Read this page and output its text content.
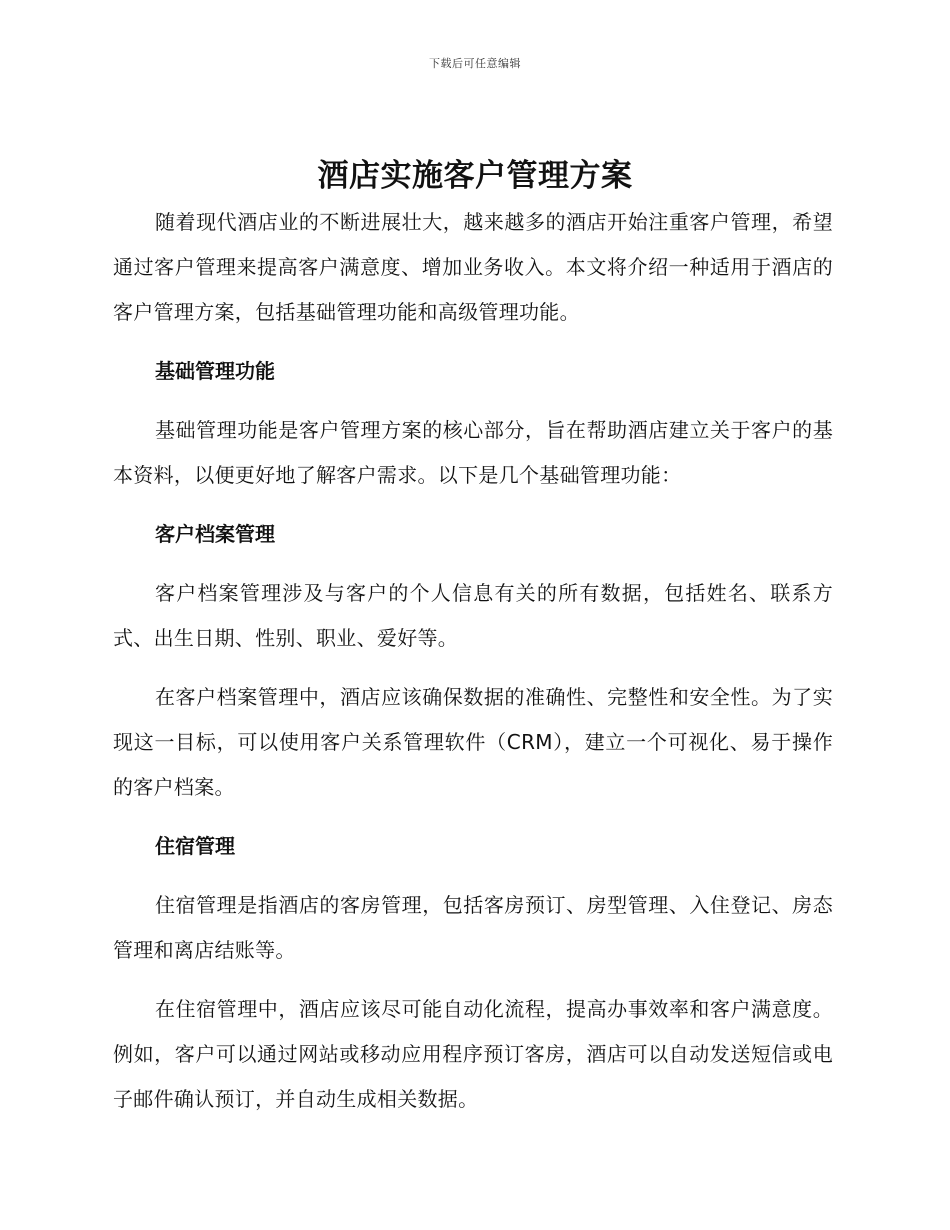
下载后可任意编辑
酒店实施客户管理方案

随着现代酒店业的不断进展壮大，越来越多的酒店开始注重客户管理，希望通过客户管理来提高客户满意度、增加业务收入。本文将介绍一种适用于酒店的客户管理方案，包括基础管理功能和高级管理功能。

基础管理功能

基础管理功能是客户管理方案的核心部分，旨在帮助酒店建立关于客户的基本资料，以便更好地了解客户需求。以下是几个基础管理功能：

客户档案管理

客户档案管理涉及与客户的个人信息有关的所有数据，包括姓名、联系方式、出生日期、性别、职业、爱好等。

在客户档案管理中，酒店应该确保数据的准确性、完整性和安全性。为了实现这一目标，可以使用客户关系管理软件（CRM），建立一个可视化、易于操作的客户档案。

住宿管理

住宿管理是指酒店的客房管理，包括客房预订、房型管理、入住登记、房态管理和离店结账等。

在住宿管理中，酒店应该尽可能自动化流程，提高办事效率和客户满意度。例如，客户可以通过网站或移动应用程序预订客房，酒店可以自动发送短信或电子邮件确认预订，并自动生成相关数据。
